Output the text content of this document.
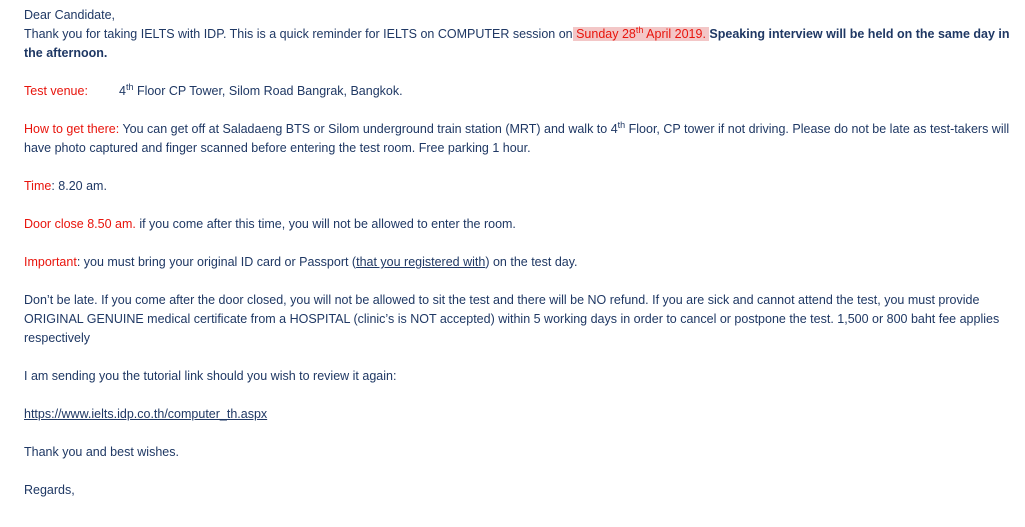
Dear Candidate,

Thank you for taking IELTS with IDP. This is a quick reminder for IELTS on COMPUTER session on Sunday 28th April 2019. Speaking interview will be held on the same day in the afternoon.

Test venue: 4th Floor CP Tower, Silom Road Bangrak, Bangkok.

How to get there: You can get off at Saladaeng BTS or Silom underground train station (MRT) and walk to 4th Floor, CP tower if not driving. Please do not be late as test-takers will have photo captured and finger scanned before entering the test room. Free parking 1 hour.

Time: 8.20 am.

Door close 8.50 am. if you come after this time, you will not be allowed to enter the room.

Important: you must bring your original ID card or Passport (that you registered with) on the test day.

Don’t be late. If you come after the door closed, you will not be allowed to sit the test and there will be NO refund. If you are sick and cannot attend the test, you must provide ORIGINAL GENUINE medical certificate from a HOSPITAL (clinic’s is NOT accepted) within 5 working days in order to cancel or postpone the test. 1,500 or 800 baht fee applies respectively

I am sending you the tutorial link should you wish to review it again:

https://www.ielts.idp.co.th/computer_th.aspx

Thank you and best wishes.

Regards,
